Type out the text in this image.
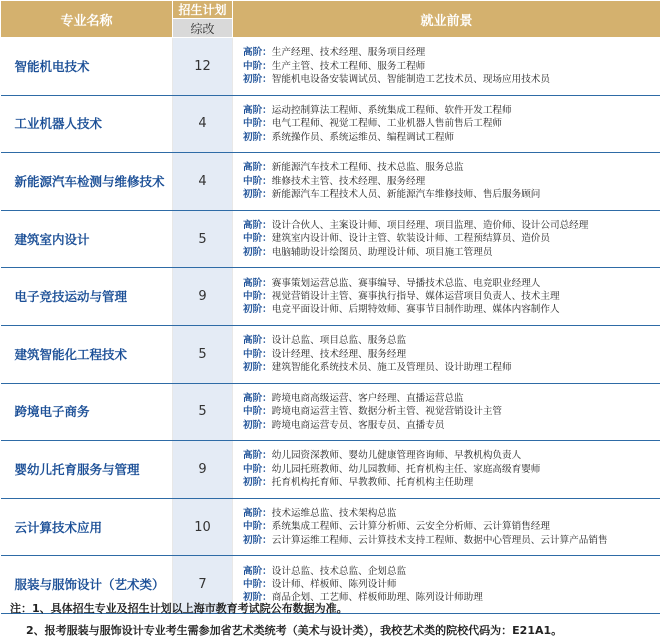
专业名称	招生计划	就业前景
	综改	
智能机电技术	12	高阶：生产经理、技术经理、服务项目经理
中阶：生产主管、技术工程师、服务工程师
初阶：智能机电设备安装调试员、智能制造工艺技术员、现场应用技术员

工业机器人技术	4	高阶：运动控制算法工程师、系统集成工程师、软件开发工程师
中阶：电气工程师、视觉工程师、工业机器人售前售后工程师
初阶：系统操作员、系统运维员、编程调试工程师

新能源汽车检测与维修技术	4	高阶：新能源汽车技术工程师、技术总监、服务总监
中阶：维修技术主管、技术经理、服务经理
初阶：新能源汽车工程技术人员、新能源汽车维修技师、售后服务顾问

建筑室内设计	5	高阶：设计合伙人、主案设计师、项目经理、项目监理、造价师、设计公司总经理
中阶：建筑室内设计师、设计主管、软装设计师、工程预结算员、造价员
初阶：电脑辅助设计绘图员、助理设计师、项目施工管理员

电子竞技运动与管理	9	高阶：赛事策划运营总监、赛事编导、导播技术总监、电竞职业经理人
中阶：视觉营销设计主管、赛事执行指导、媒体运营项目负责人、技术主理
初阶：电竞平面设计师、后期特效师、赛事节目制作助理、媒体内容制作人

建筑智能化工程技术	5	高阶：设计总监、项目总监、服务总监
中阶：设计经理、技术经理、服务经理
初阶：建筑智能化系统技术员、施工及管理员、设计助理工程师

跨境电子商务	5	高阶：跨境电商高级运营、客户经理、直播运营总监
中阶：跨境电商运营主管、数据分析主管、视觉营销设计主管
初阶：跨境电商运营专员、客服专员、直播专员

婴幼儿托育服务与管理	9	高阶：幼儿园资深教师、婴幼儿健康管理咨询师、早教机构负责人
中阶：幼儿园托班教师、幼儿园教师、托育机构主任、家庭高级育婴师
初阶：托育机构托育师、早教教师、托育机构主任助理

云计算技术应用	10	高阶：技术运维总监、技术架构总监
中阶：系统集成工程师、云计算分析师、云安全分析师、云计算销售经理
初阶：云计算运维工程师、云计算技术支持工程师、数据中心管理员、云计算产品销售

服装与服饰设计（艺术类）	7	高阶：设计总监、技术总监、企划总监
中阶：设计师、样板师、陈列设计师
初阶：商品企划、工艺师、样板师助理、陈列设计师助理
注：1、具体招生专业及招生计划以上海市教育考试院公布数据为准。
2、报考服装与服饰设计专业考生需参加省艺术类统考（美术与设计类），我校艺术类的院校代码为：E21A1。
